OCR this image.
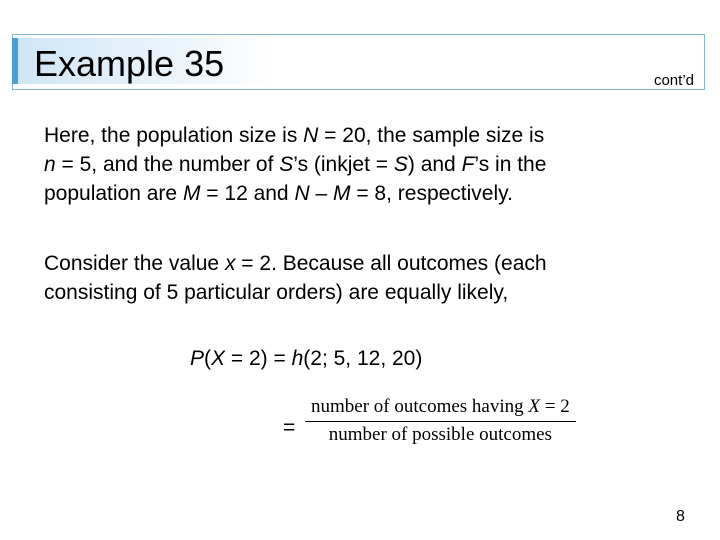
Example 35	cont’d

Here, the population size is N = 20, the sample size is
n = 5, and the number of S’s (inkjet = S) and F’s in the
population are M = 12 and N – M = 8, respectively.

Consider the value x = 2. Because all outcomes (each
consisting of 5 particular orders) are equally likely,

P(X = 2) = h(2; 5, 12, 20)
=
number of outcomes having X = 2
number of possible outcomes
8
